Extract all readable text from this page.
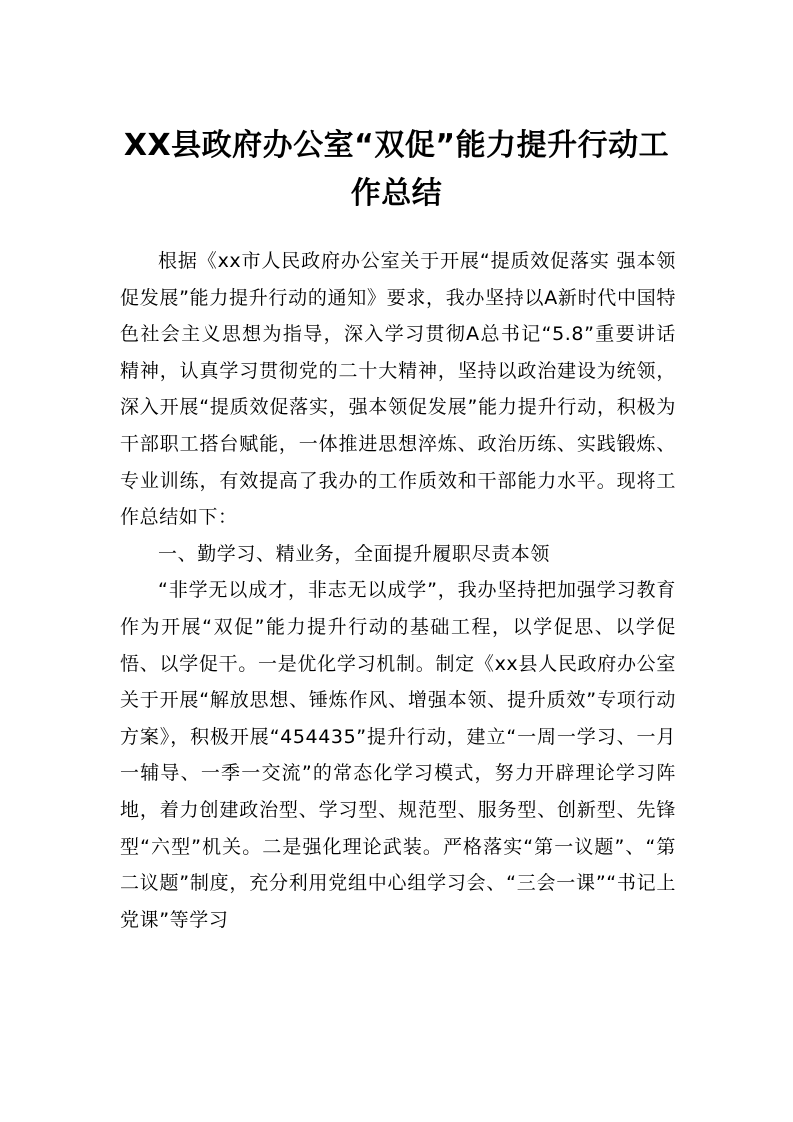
XX县政府办公室“双促”能力提升行动工作总结

根据《xx市人民政府办公室关于开展“提质效促落实 强本领促发展”能力提升行动的通知》要求，我办坚持以A新时代中国特色社会主义思想为指导，深入学习贯彻A总书记“5.8”重要讲话精神，认真学习贯彻党的二十大精神，坚持以政治建设为统领，深入开展“提质效促落实，强本领促发展”能力提升行动，积极为干部职工搭台赋能，一体推进思想淬炼、政治历练、实践锻炼、专业训练，有效提高了我办的工作质效和干部能力水平。现将工作总结如下：

一、勤学习、精业务，全面提升履职尽责本领

“非学无以成才，非志无以成学”，我办坚持把加强学习教育作为开展“双促”能力提升行动的基础工程，以学促思、以学促悟、以学促干。一是优化学习机制。制定《xx县人民政府办公室关于开展“解放思想、锤炼作风、增强本领、提升质效”专项行动方案》，积极开展“454435”提升行动，建立“一周一学习、一月一辅导、一季一交流”的常态化学习模式，努力开辟理论学习阵地，着力创建政治型、学习型、规范型、服务型、创新型、先锋型“六型”机关。二是强化理论武装。严格落实“第一议题”、“第二议题”制度，充分利用党组中心组学习会、“三会一课”“书记上党课”等学习
